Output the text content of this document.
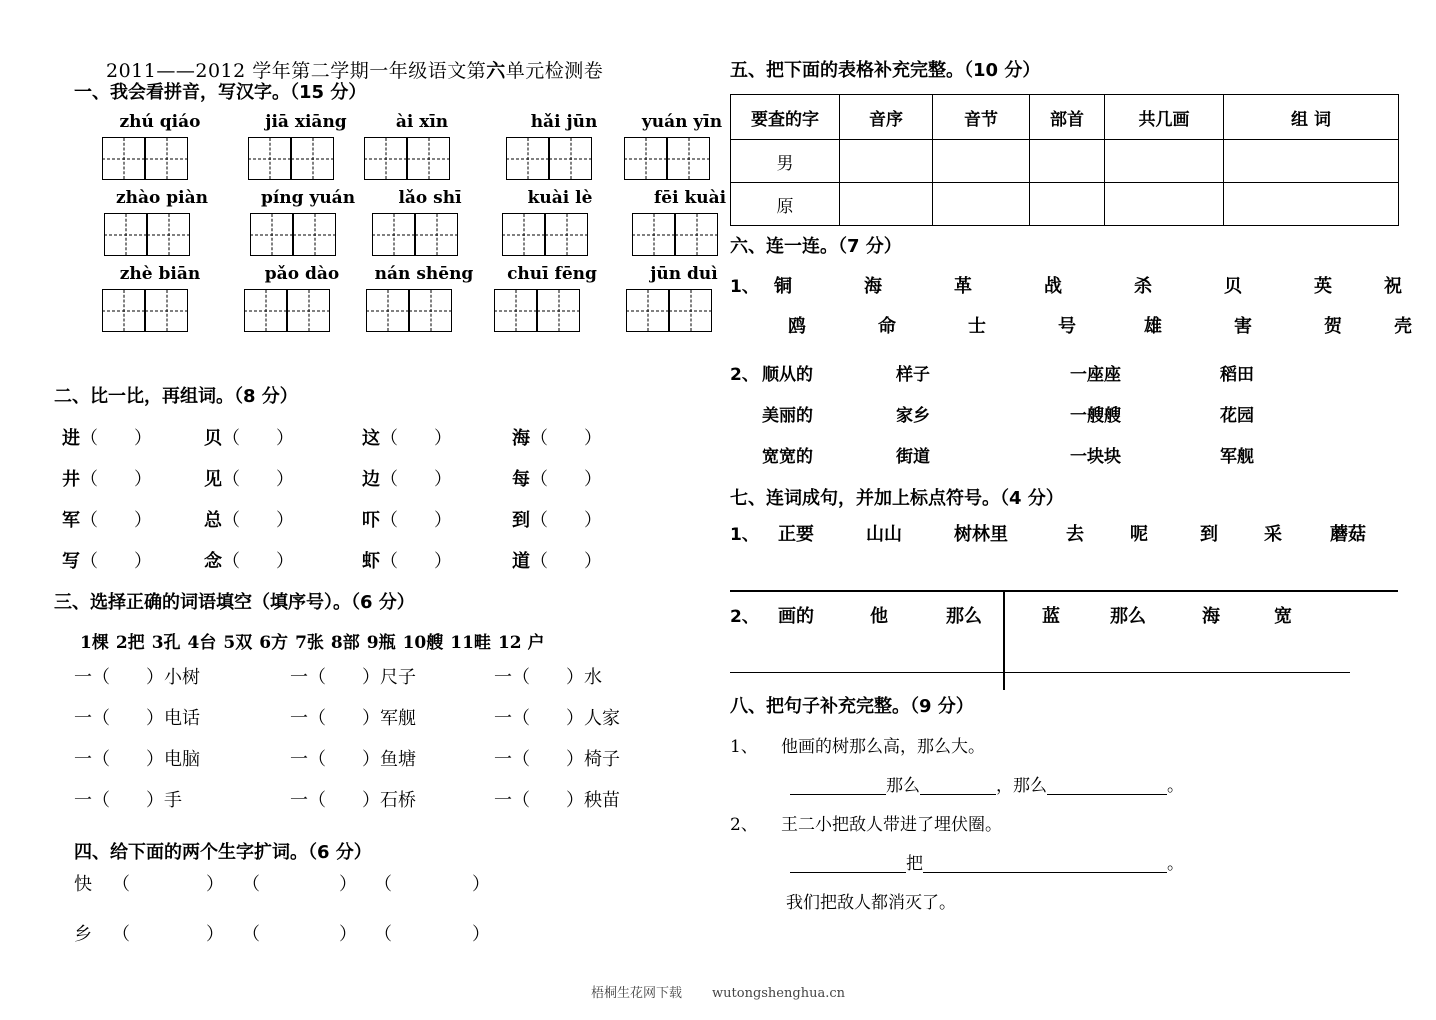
2011——2012 学年第二学期一年级语文第六单元检测卷
一、我会看拼音，写汉字。（15 分）
zhú qiáo	jiā xiāng	ài xīn	hǎi jūn	yuán yīn
zhào piàn	píng yuán	lǎo shī	kuài lè	fēi kuài
zhè biān	pǎo dào	nán shēng	chuī fēng	jūn duì
二、比一比，再组词。（8 分）
进（　　）	贝（　　）	这（　　）	海（　　）
井（　　）	见（　　）	边（　　）	每（　　）
军（　　）	总（　　）	吓（　　）	到（　　）
写（　　）	念（　　）	虾（　　）	道（　　）
三、选择正确的词语填空（填序号）。（6 分）
1棵 2把 3孔 4台 5双 6方 7张 8部 9瓶 10艘 11畦 12 户
一（　　）小树	一（　　）尺子	一（　　）水
一（　　）电话	一（　　）军舰	一（　　）人家
一（　　）电脑	一（　　）鱼塘	一（　　）椅子
一（　　）手	一（　　）石桥	一（　　）秧苗
四、给下面的两个生字扩词。（6 分）
快 （	） （	） （	）
乡 （	） （	） （	）
五、把下面的表格补充完整。（10 分）
要查的字	音序	音节	部首	共几画	组 词
男					
原					
六、连一连。（7 分）
1、 铜	海	革	战	杀	贝	英	祝
鸥	命	士	号	雄	害	贺	壳
2、 顺从的	样子	一座座	稻田
美丽的	家乡	一艘艘	花园
宽宽的	街道	一块块	军舰
七、连词成句，并加上标点符号。（4 分）
1、 正要	山山	树林里	去	呢	到	采	蘑菇
2、 画的	他	那么	蓝	那么	海	宽
八、把句子补充完整。（9 分）
1、　他画的树那么高，那么大。
那么	，那么	。
2、　王二小把敌人带进了埋伏圈。
把	。
我们把敌人都消灭了。
梧桐生花网下载 wutongshenghua.cn
